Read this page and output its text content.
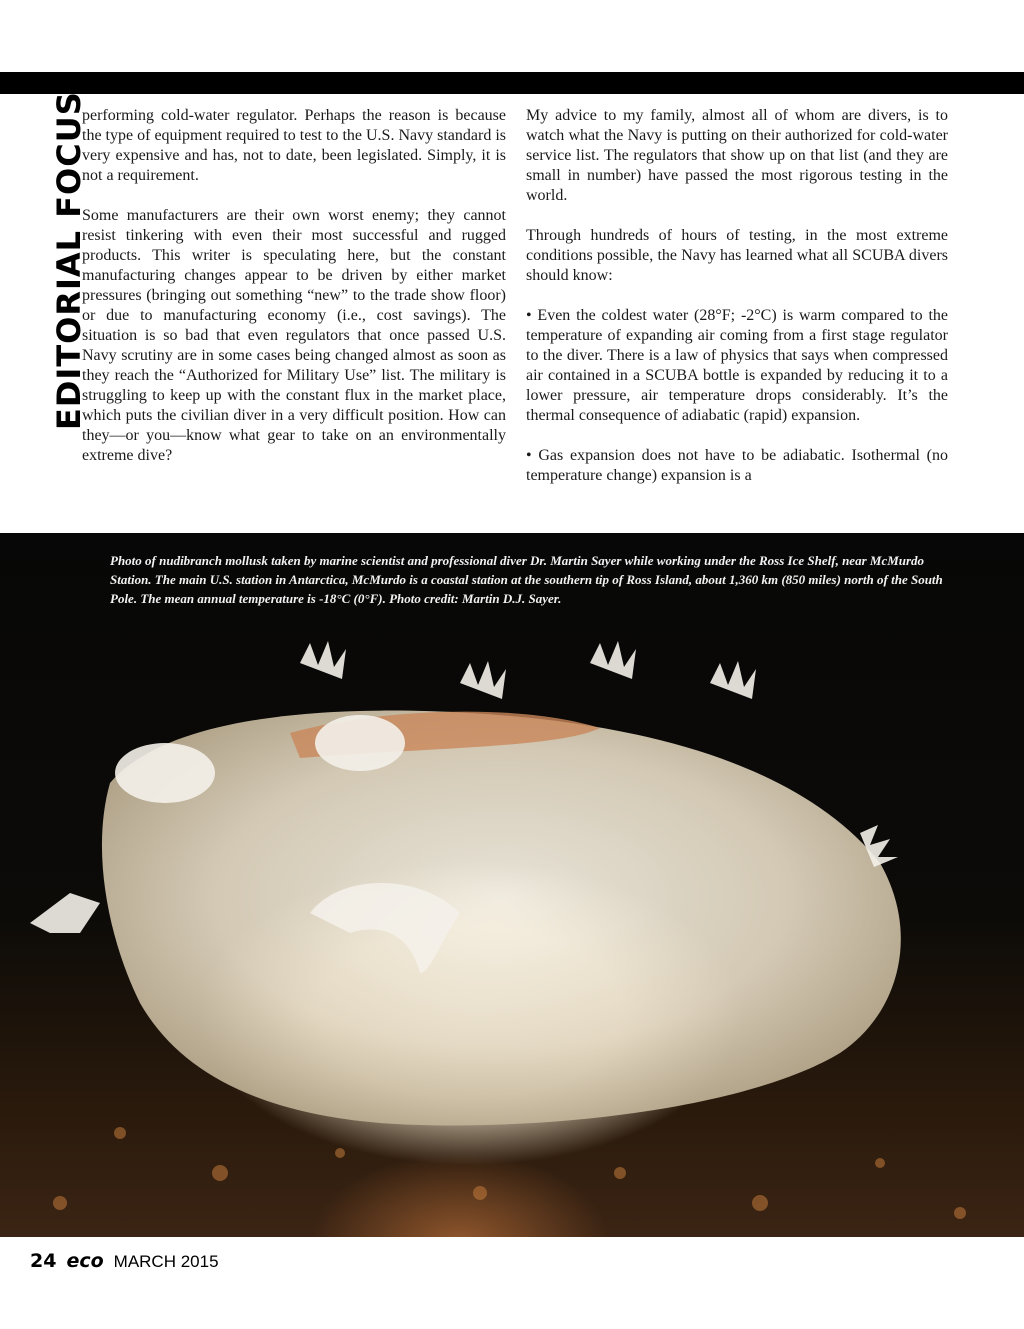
EDITORIAL FOCUS

performing cold-water regulator. Perhaps the reason is because the type of equipment required to test to the U.S. Navy standard is very expensive and has, not to date, been legislated. Simply, it is not a requirement.

Some manufacturers are their own worst enemy; they cannot resist tinkering with even their most successful and rugged products. This writer is speculating here, but the constant manufacturing changes appear to be driven by either market pressures (bringing out something “new” to the trade show floor) or due to manufacturing economy (i.e., cost savings). The situation is so bad that even regulators that once passed U.S. Navy scrutiny are in some cases being changed almost as soon as they reach the “Authorized for Military Use” list. The military is struggling to keep up with the constant flux in the market place, which puts the civilian diver in a very difficult position. How can they—or you—know what gear to take on an environmentally extreme dive?

My advice to my family, almost all of whom are divers, is to watch what the Navy is putting on their authorized for cold-water service list. The regulators that show up on that list (and they are small in number) have passed the most rigorous testing in the world.

Through hundreds of hours of testing, in the most extreme conditions possible, the Navy has learned what all SCUBA divers should know:

• Even the coldest water (28°F; -2°C) is warm compared to the temperature of expanding air coming from a first stage regulator to the diver. There is a law of physics that says when compressed air contained in a SCUBA bottle is expanded by reducing it to a lower pressure, air temperature drops considerably. It’s the thermal consequence of adiabatic (rapid) expansion.

• Gas expansion does not have to be adiabatic. Isothermal (no temperature change) expansion is a

Photo of nudibranch mollusk taken by marine scientist and professional diver Dr. Martin Sayer while working under the Ross Ice Shelf, near McMurdo Station. The main U.S. station in Antarctica, McMurdo is a coastal station at the southern tip of Ross Island, about 1,360 km (850 miles) north of the South Pole. The mean annual temperature is -18°C (0°F). Photo credit: Martin D.J. Sayer.
24 eco MARCH 2015
